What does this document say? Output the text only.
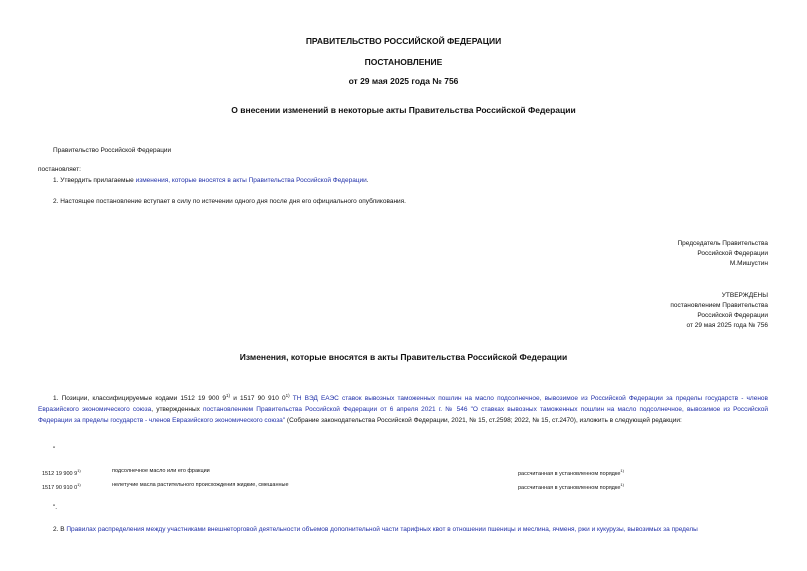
ПРАВИТЕЛЬСТВО РОССИЙСКОЙ ФЕДЕРАЦИИ
ПОСТАНОВЛЕНИЕ
от 29 мая 2025 года № 756
О внесении изменений в некоторые акты Правительства Российской Федерации
Правительство Российской Федерации
постановляет:
1. Утвердить прилагаемые изменения, которые вносятся в акты Правительства Российской Федерации.
2. Настоящее постановление вступает в силу по истечении одного дня после дня его официального опубликования.
Председатель Правительства
Российской Федерации
М.Мишустин
УТВЕРЖДЕНЫ
постановлением Правительства
Российской Федерации
от 29 мая 2025 года № 756
Изменения, которые вносятся в акты Правительства Российской Федерации
1. Позиции, классифицируемые кодами 1512 19 900 9$^{1)}$ и 1517 90 910 0$^{1)}$ ТН ВЭД ЕАЭС ставок вывозных таможенных пошлин на масло подсолнечное, вывозимое из Российской Федерации за пределы государств - членов Евразийского экономического союза, утвержденных постановлением Правительства Российской Федерации от 6 апреля 2021 г. № 546 "О ставках вывозных таможенных пошлин на масло подсолнечное, вывозимое из Российской Федерации за пределы государств - членов Евразийского экономического союза" (Собрание законодательства Российской Федерации, 2021, № 15, ст.2598; 2022, № 15, ст.2470), изложить в следующей редакции:
"
1512 19 900 9$^{1)}$	подсолнечное масло или его фракции	рассчитанная в установленном порядке$^{1)}$
1517 90 910 0$^{1)}$	нелетучие масла растительного происхождения жидкие, смешанные	рассчитанная в установленном порядке$^{1)}$
".
2. В Правилах распределения между участниками внешнеторговой деятельности объемов дополнительной части тарифных квот в отношении пшеницы и меслина, ячменя, ржи и кукурузы, вывозимых за пределы
